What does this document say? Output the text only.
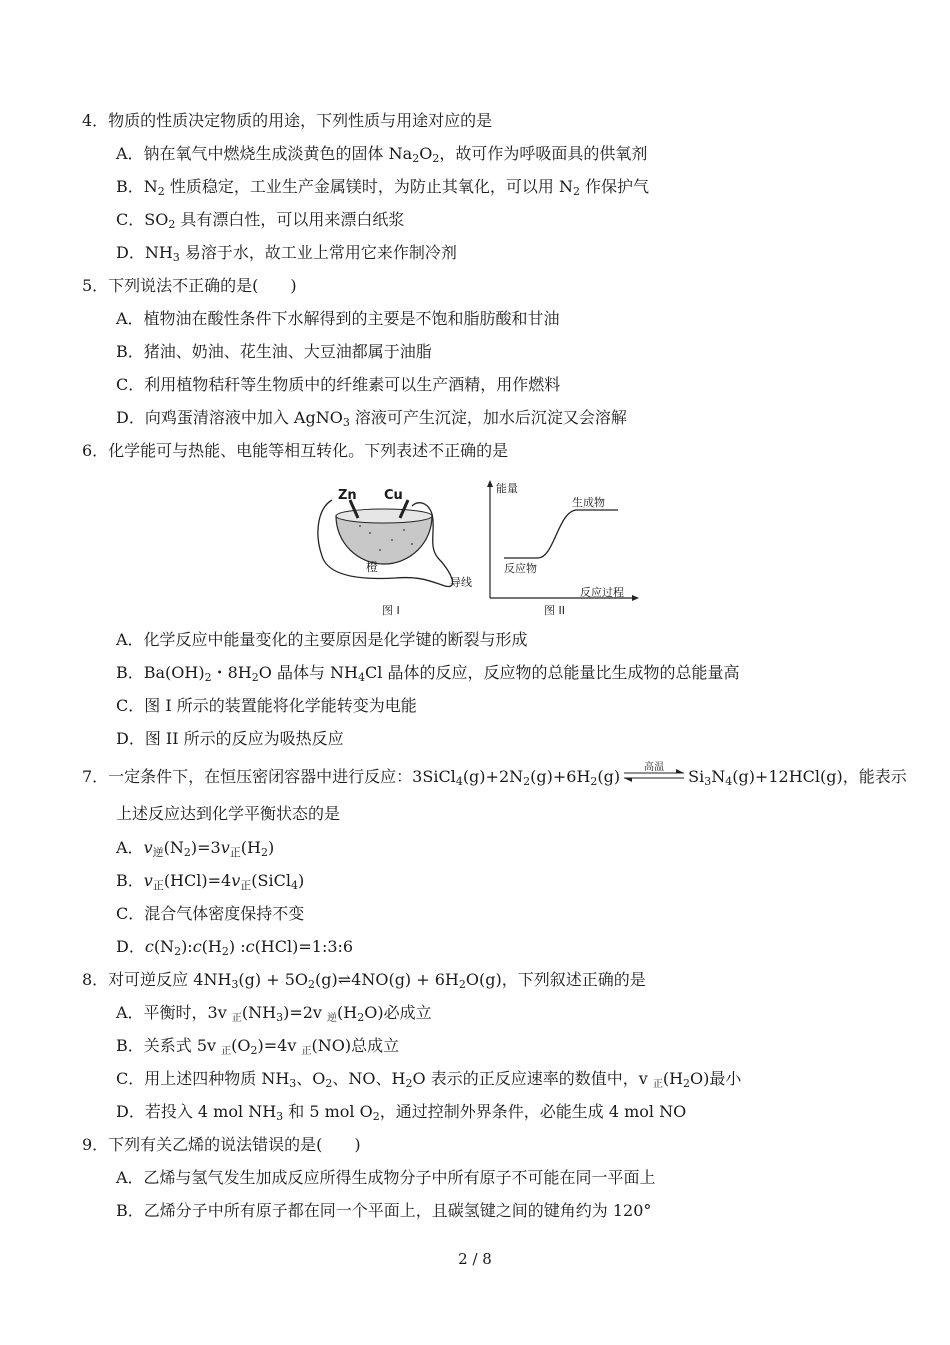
4．物质的性质决定物质的用途，下列性质与用途对应的是
A．钠在氧气中燃烧生成淡黄色的固体 $Na_2O_2$，故可作为呼吸面具的供氧剂
B．$N_2$ 性质稳定，工业生产金属镁时，为防止其氧化，可以用 $N_2$ 作保护气
C．$SO_2$ 具有漂白性，可以用来漂白纸浆
D．$NH_3$ 易溶于水，故工业上常用它来作制冷剂
5．下列说法不正确的是(　　)
A．植物油在酸性条件下水解得到的主要是不饱和脂肪酸和甘油
B．猪油、奶油、花生油、大豆油都属于油脂
C．利用植物秸秆等生物质中的纤维素可以生产酒精，用作燃料
D．向鸡蛋清溶液中加入 AgNO$_3$ 溶液可产生沉淀，加水后沉淀又会溶解
6．化学能可与热能、电能等相互转化。下列表述不正确的是
Zn Cu
橙
导线
图 I
能量
生成物
反应物
反应过程
图 II
A．化学反应中能量变化的主要原因是化学键的断裂与形成
B．$Ba(OH)_2$・$8H_2O$ 晶体与 $NH_4Cl$ 晶体的反应，反应物的总能量比生成物的总能量高
C．图 I 所示的装置能将化学能转变为电能
D．图 II 所示的反应为吸热反应
7．一定条件下，在恒压密闭容器中进行反应：$3SiCl_4(g)+2N_2(g)+6H_2(g)$	高温	$Si_3N_4(g)+12HCl(g)$，能表示
上述反应达到化学平衡状态的是
A．$v_逆(N_2)=3v_正(H_2)$
B．$v_正(HCl)=4v_正(SiCl_4)$
C．混合气体密度保持不变
D．$c(N_2):c(H_2)$ :c(HCl)=1:3:6
8．对可逆反应 $4NH_3(g)$ + $5O_2(g)\rightleftharpoons 4NO(g) + 6H_2O(g)$，下列叙述正确的是
A．平衡时，3v $_正(NH_3)=2v$ $_逆(H_2O)$必成立
B．关系式 5v $_正(O_2)=4v$ $_正$(NO)总成立
C．用上述四种物质 $NH_3$、$O_2$、NO、$H_2O$ 表示的正反应速率的数值中，v $_正(H_2O)$最小
D．若投入 4 mol $NH_3$ 和 5 mol $O_2$，通过控制外界条件，必能生成 4 mol NO
9．下列有关乙烯的说法错误的是(　　)
A．乙烯与氢气发生加成反应所得生成物分子中所有原子不可能在同一平面上
B．乙烯分子中所有原子都在同一个平面上，且碳氢键之间的键角约为 120°
2 / 8
